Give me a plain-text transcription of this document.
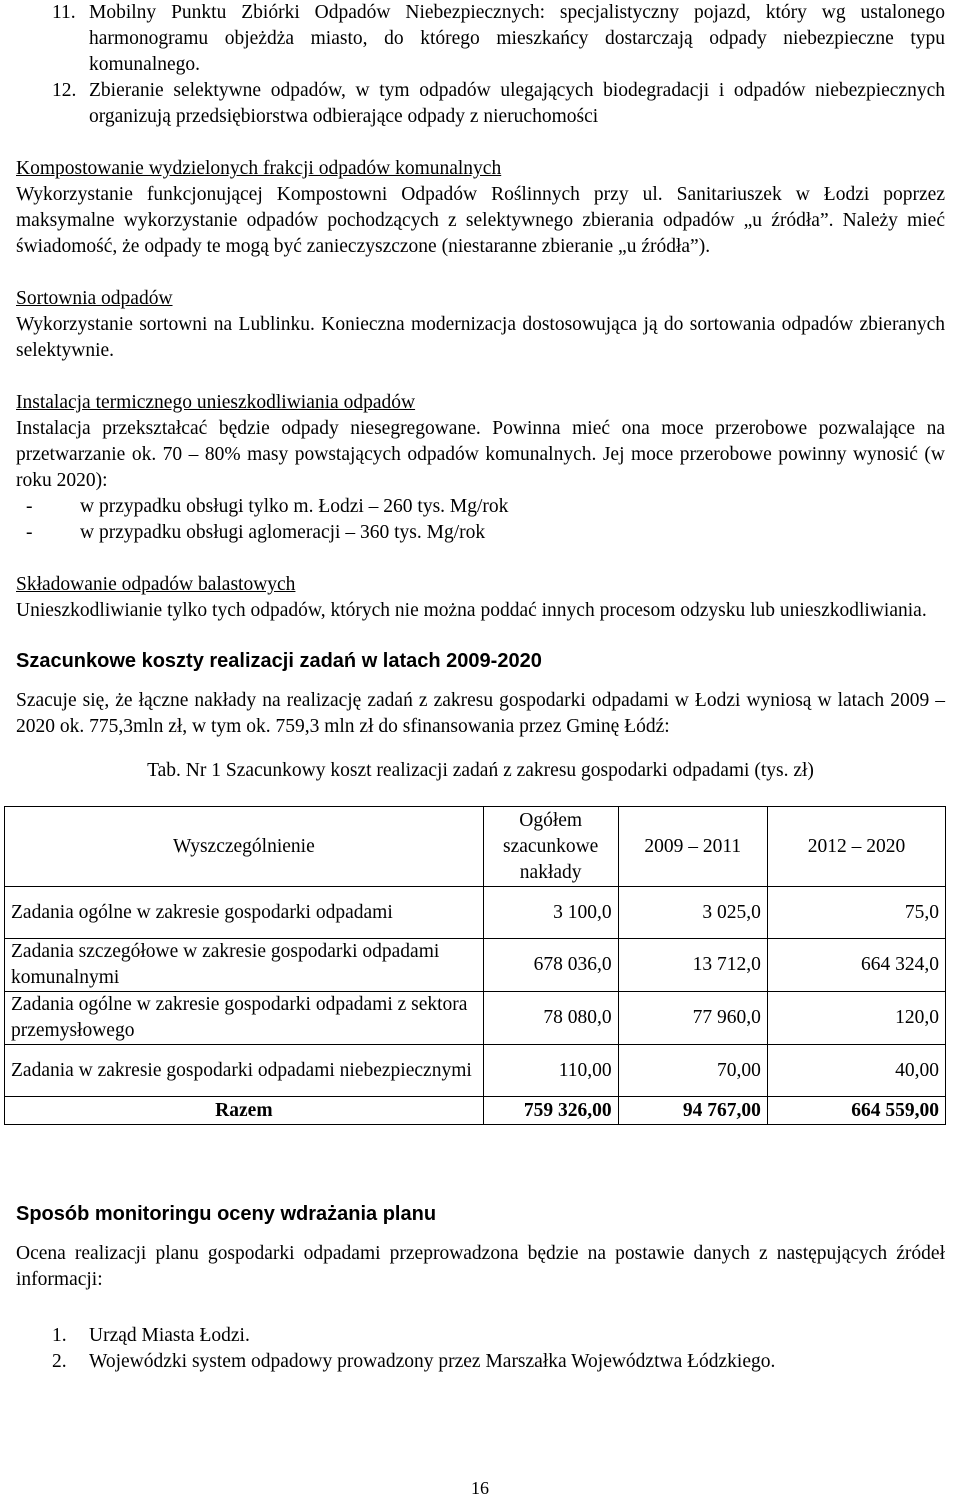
11. Mobilny Punktu Zbiórki Odpadów Niebezpiecznych: specjalistyczny pojazd, który wg ustalonego harmonogramu objeżdża miasto, do którego mieszkańcy dostarczają odpady niebezpieczne typu komunalnego.
12. Zbieranie selektywne odpadów, w tym odpadów ulegających biodegradacji i odpadów niebezpiecznych organizują przedsiębiorstwa odbierające odpady z nieruchomości
Kompostowanie wydzielonych frakcji odpadów komunalnych
Wykorzystanie funkcjonującej Kompostowni Odpadów Roślinnych przy ul. Sanitariuszek w Łodzi poprzez maksymalne wykorzystanie odpadów pochodzących z selektywnego zbierania odpadów „u źródła”. Należy mieć świadomość, że odpady te mogą być zanieczyszczone (niestaranne zbieranie „u źródła”).
Sortownia odpadów
Wykorzystanie sortowni na Lublinku. Konieczna modernizacja dostosowująca ją do sortowania odpadów zbieranych selektywnie.
Instalacja termicznego unieszkodliwiania odpadów
Instalacja przekształcać będzie odpady niesegregowane. Powinna mieć ona moce przerobowe pozwalające na przetwarzanie ok. 70 – 80% masy powstających odpadów komunalnych. Jej moce przerobowe powinny wynosić (w roku 2020):
- w przypadku obsługi tylko m. Łodzi – 260 tys. Mg/rok
- w przypadku obsługi aglomeracji – 360 tys. Mg/rok
Składowanie odpadów balastowych
Unieszkodliwianie tylko tych odpadów, których nie można poddać innych procesom odzysku lub unieszkodliwiania.
Szacunkowe koszty realizacji zadań w latach 2009-2020
Szacuje się, że łączne nakłady na realizację zadań z zakresu gospodarki odpadami w Łodzi wyniosą w latach 2009 – 2020 ok. 775,3mln zł, w tym ok. 759,3 mln zł do sfinansowania przez Gminę Łódź:
Tab. Nr 1 Szacunkowy koszt realizacji zadań z zakresu gospodarki odpadami (tys. zł)
Wyszczególnienie	Ogółem szacunkowe nakłady	2009 – 2011	2012 – 2020
Zadania ogólne w zakresie gospodarki odpadami	3 100,0	3 025,0	75,0
Zadania szczegółowe w zakresie gospodarki odpadami komunalnymi	678 036,0	13 712,0	664 324,0
Zadania ogólne w zakresie gospodarki odpadami z sektora przemysłowego	78 080,0	77 960,0	120,0
Zadania w zakresie gospodarki odpadami niebezpiecznymi	110,00	70,00	40,00
Razem	759 326,00	94 767,00	664 559,00
Sposób monitoringu oceny wdrażania planu
Ocena realizacji planu gospodarki odpadami przeprowadzona będzie na postawie danych z następujących źródeł informacji:
1. Urząd Miasta Łodzi.
2. Wojewódzki system odpadowy prowadzony przez Marszałka Województwa Łódzkiego.
16
